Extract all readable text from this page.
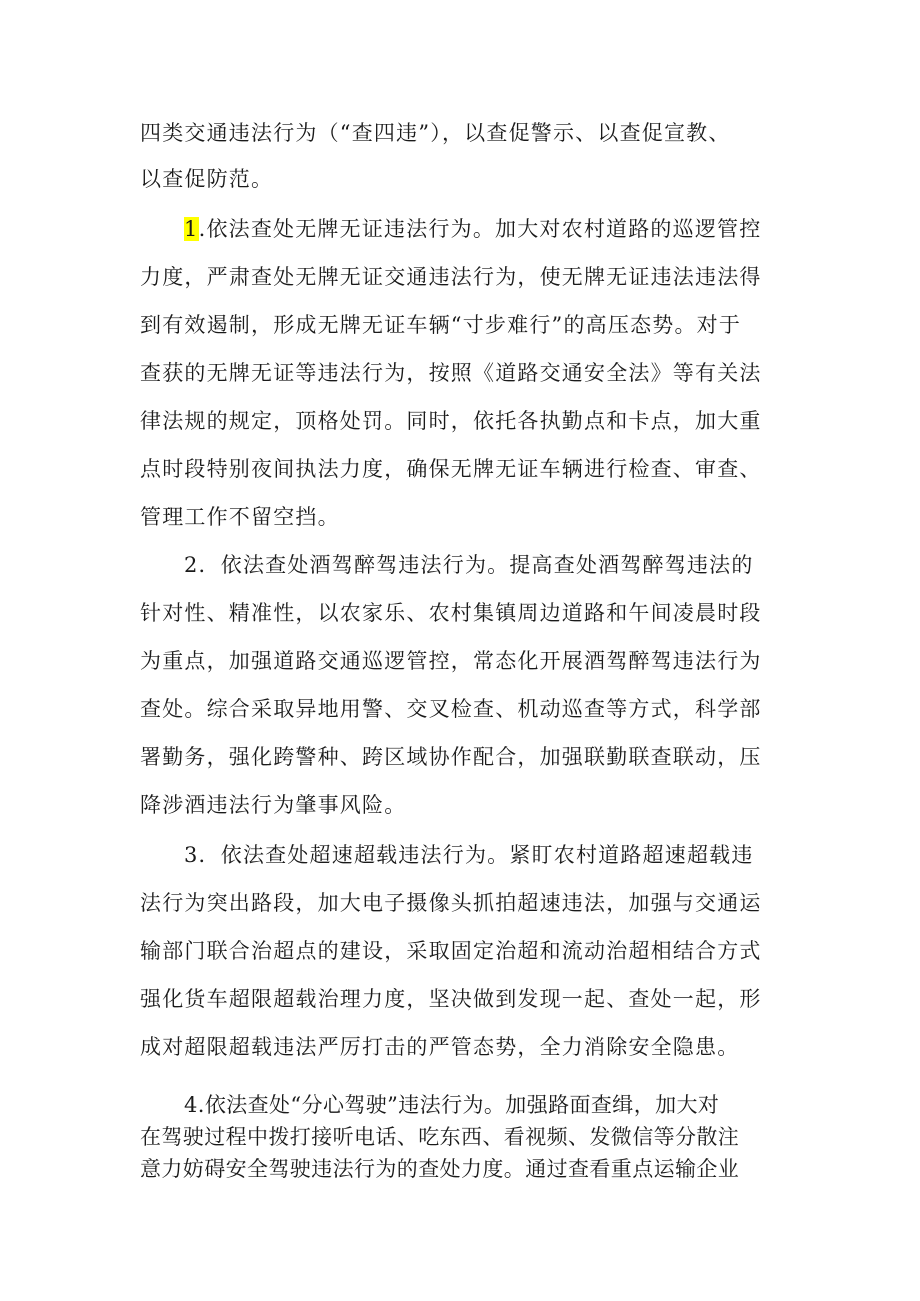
四类交通违法行为（“查四违”），以查促警示、以查促宣教、
以查促防范。
1.依法查处无牌无证违法行为。加大对农村道路的巡逻管控
力度，严肃查处无牌无证交通违法行为，使无牌无证违法违法得
到有效遏制，形成无牌无证车辆“寸步难行”的高压态势。对于
查获的无牌无证等违法行为，按照《道路交通安全法》等有关法
律法规的规定，顶格处罚。同时，依托各执勤点和卡点，加大重
点时段特别夜间执法力度，确保无牌无证车辆进行检查、审查、
管理工作不留空挡。
2．依法查处酒驾醉驾违法行为。提高查处酒驾醉驾违法的
针对性、精准性，以农家乐、农村集镇周边道路和午间凌晨时段
为重点，加强道路交通巡逻管控，常态化开展酒驾醉驾违法行为
查处。综合采取异地用警、交叉检查、机动巡查等方式，科学部
署勤务，强化跨警种、跨区域协作配合，加强联勤联查联动，压
降涉酒违法行为肇事风险。
3．依法查处超速超载违法行为。紧盯农村道路超速超载违
法行为突出路段，加大电子摄像头抓拍超速违法，加强与交通运
输部门联合治超点的建设，采取固定治超和流动治超相结合方式
强化货车超限超载治理力度，坚决做到发现一起、查处一起，形
成对超限超载违法严厉打击的严管态势，全力消除安全隐患。
4.依法查处“分心驾驶”违法行为。加强路面查缉，加大对
在驾驶过程中拨打接听电话、吃东西、看视频、发微信等分散注
意力妨碍安全驾驶违法行为的查处力度。通过查看重点运输企业
